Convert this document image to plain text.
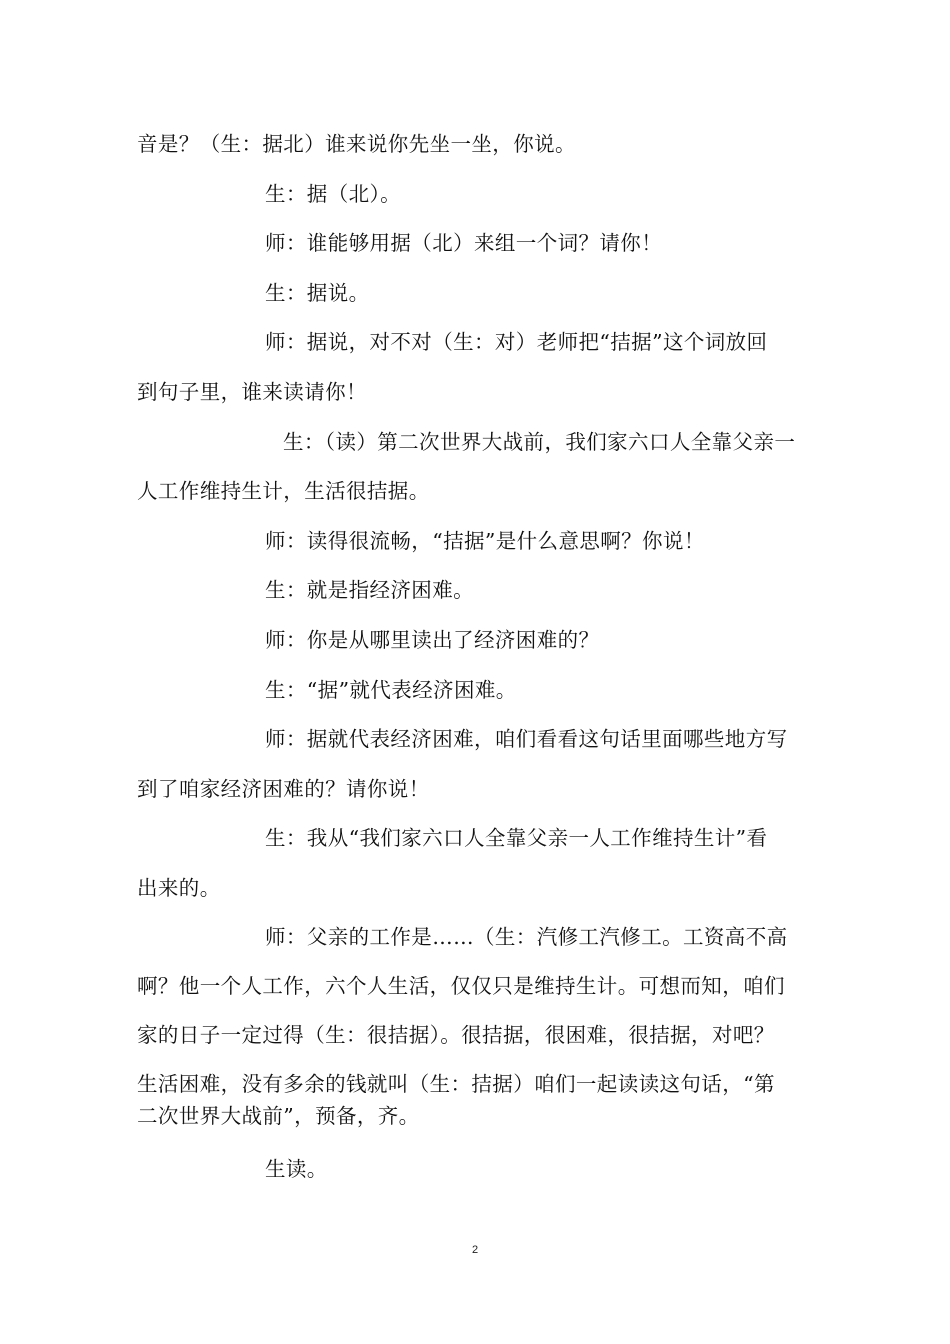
音是？（生：据北）谁来说你先坐一坐，你说。
生：据（北）。
师：谁能够用据（北）来组一个词？请你！
生：据说。
师：据说，对不对（生：对）老师把“拮据”这个词放回
到句子里，谁来读请你！
生：（读）第二次世界大战前，我们家六口人全靠父亲一
人工作维持生计，生活很拮据。
师：读得很流畅，“拮据”是什么意思啊？你说！
生：就是指经济困难。
师：你是从哪里读出了经济困难的？
生：“据”就代表经济困难。
师：据就代表经济困难，咱们看看这句话里面哪些地方写
到了咱家经济困难的？请你说！
生：我从“我们家六口人全靠父亲一人工作维持生计”看
出来的。
师：父亲的工作是……（生：汽修工汽修工。工资高不高
啊？他一个人工作，六个人生活，仅仅只是维持生计。可想而知，咱们
家的日子一定过得（生：很拮据）。很拮据，很困难，很拮据，对吧？
生活困难，没有多余的钱就叫（生：拮据）咱们一起读读这句话，“第
二次世界大战前”，预备，齐。
生读。
2
